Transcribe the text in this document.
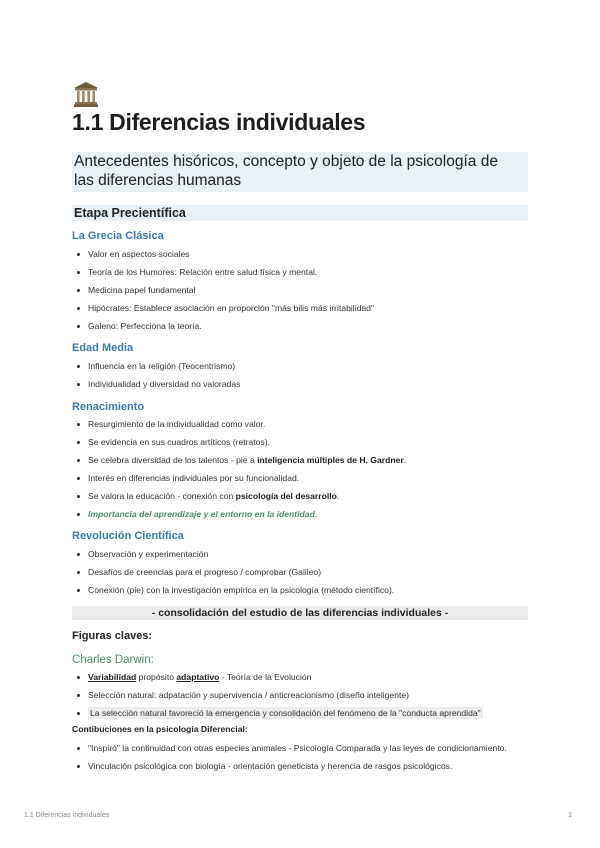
1.1 Diferencias individuales
Antecedentes hisóricos, concepto y objeto de la psicología de las diferencias humanas
Etapa Precientífica
La Grecia Clásica
Valor en aspectos sociales
Teoría de los Humores: Relación entre salud física y mental.
Medicina papel fundamental
Hipócrates: Establece asociación en proporción "más bilis más irritabilidad"
Galeno: Perfecciona la teoría.
Edad Media
Influencia en la religión (Teocentrismo)
Individualidad y diversidad no valoradas
Renacimiento
Resurgimiento de la individualidad como valor.
Se evidencia en sus cuadros artíticos (retratos).
Se celebra diversidad de los talentos - pie a inteligencia múltiples de H. Gardner.
Interés en diferencias individuales por su funcionalidad.
Se valora la educación - conexión con psicología del desarrollo.
Importancia del aprendizaje y el entorno en la identidad.
Revolución Científica
Observación y experimentación
Desafíos de creencias para el progreso / comprobar (Galileo)
Conexión (pie) con la investigación empírica en la psicología (método científico).
- consolidación del estudio de las diferencias individuales -
Figuras claves:
Charles Darwin:
Variabilidad propósito adaptativo - Teoría de la Evolución
Selección natural: adpatación y supervivencia / anticreacionismo (diseño inteligente)
La selección natural favoreció la emergencia y consolidación del fenómeno de la "conducta aprendida"
Contibuciones en la psicología Diferencial:
"Inspiró" la continuidad con otras especies animales - Psicología Comparada y las leyes de condicionamiento.
Vinculación psicológica con biología - orientación geneticista y herencia de rasgos psicológicos.
1.1 Diferencias individuales	1
